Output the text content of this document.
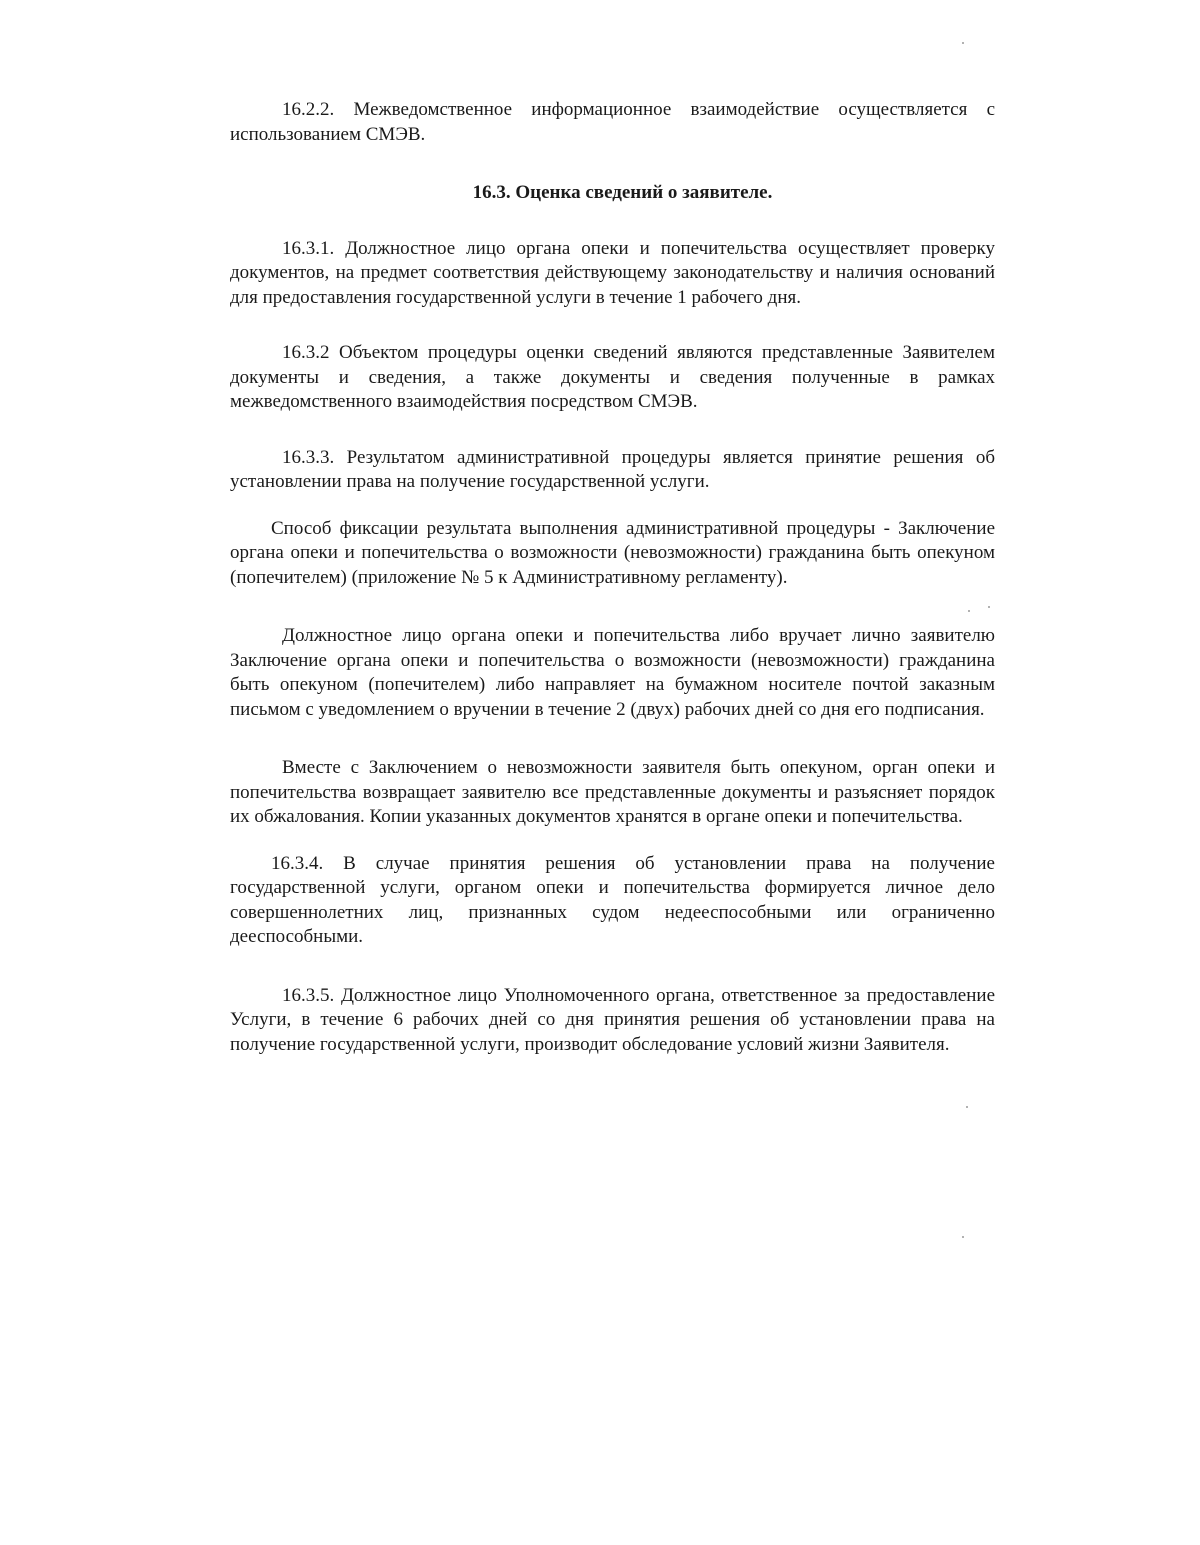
16.2.2. Межведомственное информационное взаимодействие осуществляется с использованием СМЭВ.

16.3. Оценка сведений о заявителе.

16.3.1. Должностное лицо органа опеки и попечительства осуществляет проверку документов, на предмет соответствия действующему законодательству и наличия оснований для предоставления государственной услуги в течение 1 рабочего дня.

16.3.2 Объектом процедуры оценки сведений являются представленные Заявителем документы и сведения, а также документы и сведения полученные в рамках межведомственного взаимодействия посредством СМЭВ.

16.3.3. Результатом административной процедуры является принятие решения об установлении права на получение государственной услуги.

Способ фиксации результата выполнения административной процедуры - Заключение органа опеки и попечительства о возможности (невозможности) гражданина быть опекуном (попечителем) (приложение № 5 к Административному регламенту).

Должностное лицо органа опеки и попечительства либо вручает лично заявителю Заключение органа опеки и попечительства о возможности (невозможности) гражданина быть опекуном (попечителем) либо направляет на бумажном носителе почтой заказным письмом с уведомлением о вручении в течение 2 (двух) рабочих дней со дня его подписания.

Вместе с Заключением о невозможности заявителя быть опекуном, орган опеки и попечительства возвращает заявителю все представленные документы и разъясняет порядок их обжалования. Копии указанных документов хранятся в органе опеки и попечительства.

16.3.4. В случае принятия решения об установлении права на получение государственной услуги, органом опеки и попечительства формируется личное дело совершеннолетних лиц, признанных судом недееспособными или ограниченно дееспособными.

16.3.5. Должностное лицо Уполномоченного органа, ответственное за предоставление Услуги, в течение 6 рабочих дней со дня принятия решения об установлении права на получение государственной услуги, производит обследование условий жизни Заявителя.
